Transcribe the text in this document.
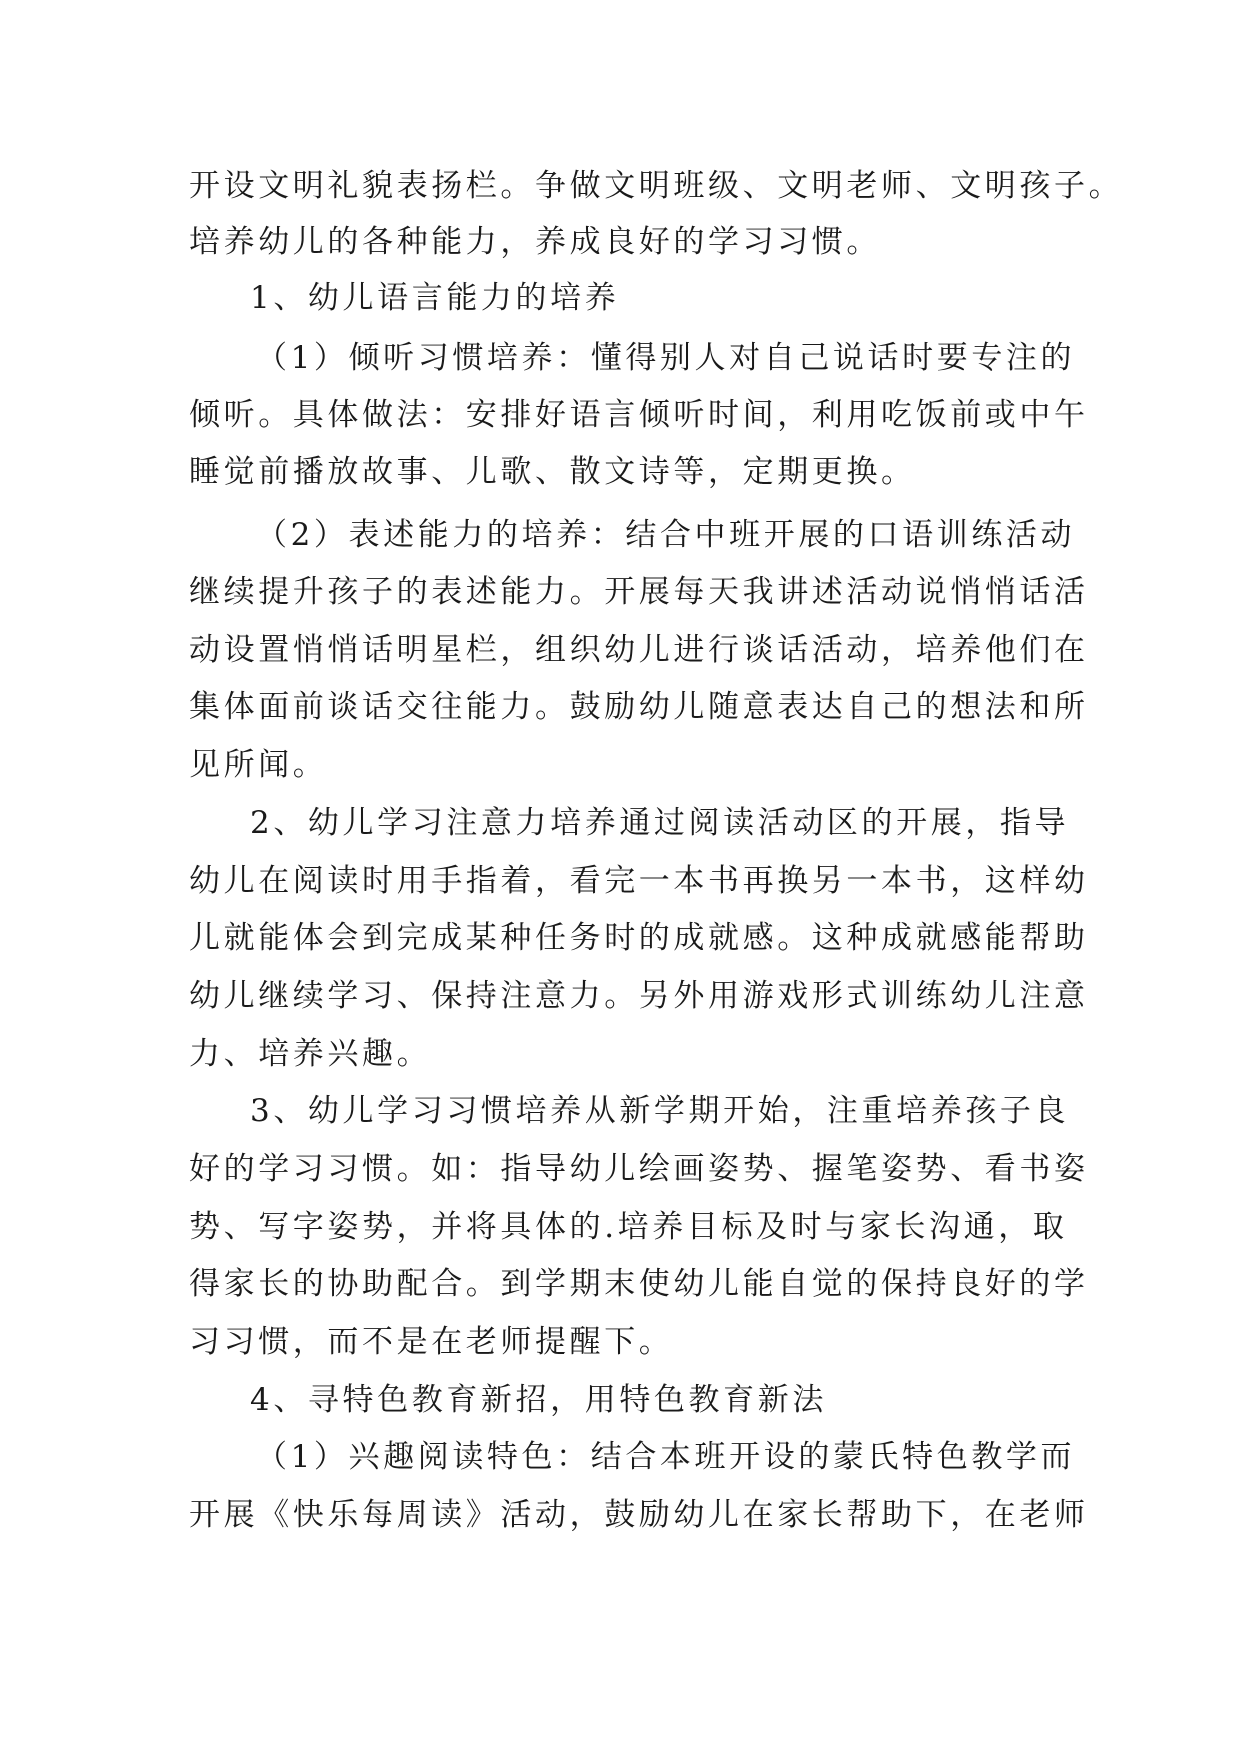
开设文明礼貌表扬栏。争做文明班级、文明老师、文明孩子。
培养幼儿的各种能力，养成良好的学习习惯。
1、幼儿语言能力的培养
（1）倾听习惯培养：懂得别人对自己说话时要专注的
倾听。具体做法：安排好语言倾听时间，利用吃饭前或中午
睡觉前播放故事、儿歌、散文诗等，定期更换。
（2）表述能力的培养：结合中班开展的口语训练活动
继续提升孩子的表述能力。开展每天我讲述活动说悄悄话活
动设置悄悄话明星栏，组织幼儿进行谈话活动，培养他们在
集体面前谈话交往能力。鼓励幼儿随意表达自己的想法和所
见所闻。
2、幼儿学习注意力培养通过阅读活动区的开展，指导
幼儿在阅读时用手指着，看完一本书再换另一本书，这样幼
儿就能体会到完成某种任务时的成就感。这种成就感能帮助
幼儿继续学习、保持注意力。另外用游戏形式训练幼儿注意
力、培养兴趣。
3、幼儿学习习惯培养从新学期开始，注重培养孩子良
好的学习习惯。如：指导幼儿绘画姿势、握笔姿势、看书姿
势、写字姿势，并将具体的.培养目标及时与家长沟通，取
得家长的协助配合。到学期末使幼儿能自觉的保持良好的学
习习惯，而不是在老师提醒下。
4、寻特色教育新招，用特色教育新法
（1）兴趣阅读特色：结合本班开设的蒙氏特色教学而
开展《快乐每周读》活动，鼓励幼儿在家长帮助下，在老师
